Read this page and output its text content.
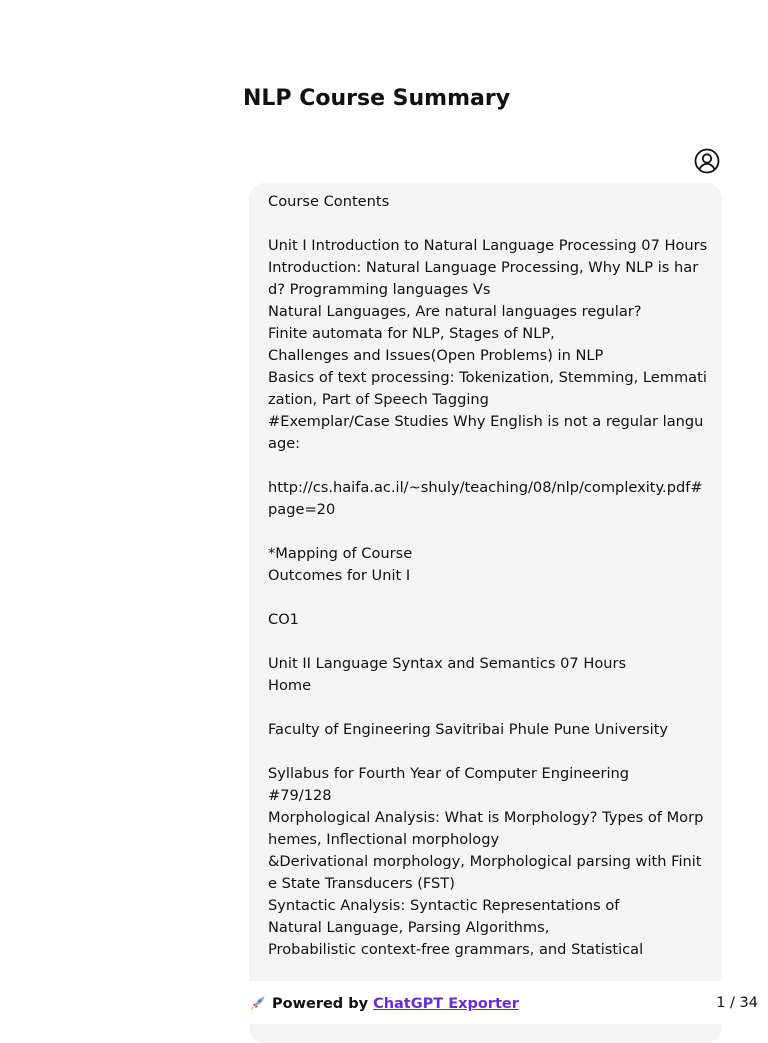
NLP Course Summary

Course Contents

Unit I Introduction to Natural Language Processing 07 Hours
Introduction: Natural Language Processing, Why NLP is hard? Programming languages Vs
Natural Languages, Are natural languages regular?
Finite automata for NLP, Stages of NLP,
Challenges and Issues(Open Problems) in NLP
Basics of text processing: Tokenization, Stemming, Lemmatization, Part of Speech Tagging
#Exemplar/Case Studies Why English is not a regular language:

http://cs.haifa.ac.il/~shuly/teaching/08/nlp/complexity.pdf#page=20

*Mapping of Course
Outcomes for Unit I

CO1

Unit II Language Syntax and Semantics 07 Hours
Home

Faculty of Engineering Savitribai Phule Pune University

Syllabus for Fourth Year of Computer Engineering
#79/128
Morphological Analysis: What is Morphology? Types of Morphemes, Inflectional morphology
&Derivational morphology, Morphological parsing with Finite State Transducers (FST)
Syntactic Analysis: Syntactic Representations of
Natural Language, Parsing Algorithms,
Probabilistic context-free grammars, and Statistical

Powered by ChatGPT Exporter	1 / 34
